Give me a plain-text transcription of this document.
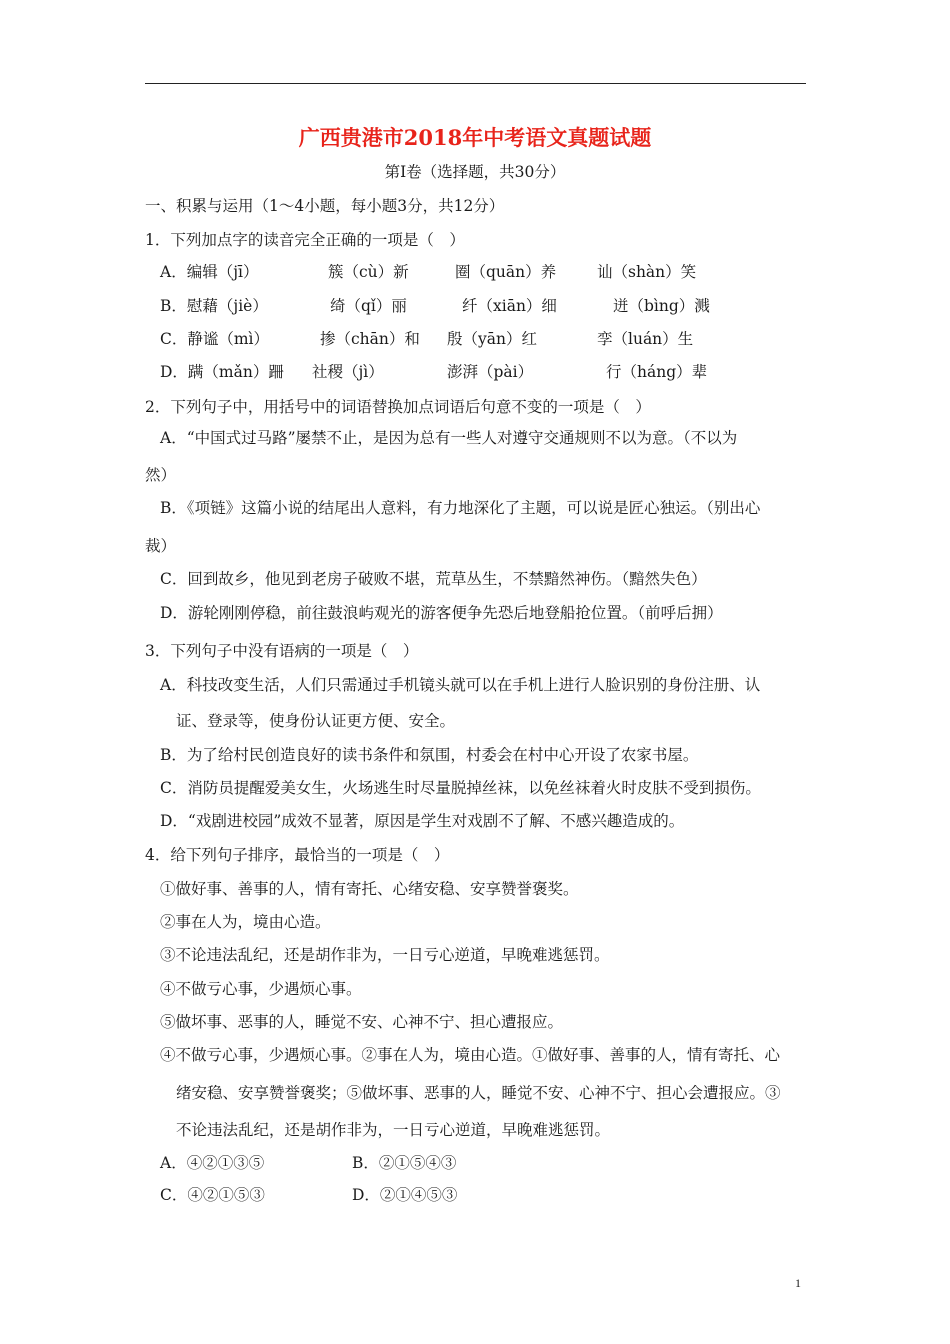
广西贵港市2018年中考语文真题试题
第Ⅰ卷（选择题，共30分）
一、积累与运用（1～4小题，每小题3分，共12分）
1．下列加点字的读音完全正确的一项是（　）
A．编辑（jī）	簇（cù）新	圈（quān）养	讪（shàn）笑
B．慰藉（jiè）	绮（qǐ）丽	纤（xiān）细	迸（bìng）溅
C．静谧（mì）	掺（chān）和 殷（yān）红	孪（luán）生
D．蹒（mǎn）跚 社稷（jì）	澎湃（pài）	行（háng）辈
2．下列句子中，用括号中的词语替换加点词语后句意不变的一项是（　）
A．“中国式过马路”屡禁不止，是因为总有一些人对遵守交通规则不以为意。（不以为
然）
B．《项链》这篇小说的结尾出人意料，有力地深化了主题，可以说是匠心独运。（别出心
裁）
C．回到故乡，他见到老房子破败不堪，荒草丛生，不禁黯然神伤。（黯然失色）
D．游轮刚刚停稳，前往鼓浪屿观光的游客便争先恐后地登船抢位置。（前呼后拥）
3．下列句子中没有语病的一项是（　）
A．科技改变生活，人们只需通过手机镜头就可以在手机上进行人脸识别的身份注册、认
证、登录等，使身份认证更方便、安全。
B．为了给村民创造良好的读书条件和氛围，村委会在村中心开设了农家书屋。
C．消防员提醒爱美女生，火场逃生时尽量脱掉丝袜，以免丝袜着火时皮肤不受到损伤。
D．“戏剧进校园”成效不显著，原因是学生对戏剧不了解、不感兴趣造成的。
4．给下列句子排序，最恰当的一项是（　）
①做好事、善事的人，情有寄托、心绪安稳、安享赞誉褒奖。
②事在人为，境由心造。
③不论违法乱纪，还是胡作非为，一日亏心逆道，早晚难逃惩罚。
④不做亏心事，少遇烦心事。
⑤做坏事、恶事的人，睡觉不安、心神不宁、担心遭报应。
④不做亏心事，少遇烦心事。②事在人为，境由心造。①做好事、善事的人，情有寄托、心
绪安稳、安享赞誉褒奖；⑤做坏事、恶事的人，睡觉不安、心神不宁、担心会遭报应。③
不论违法乱纪，还是胡作非为，一日亏心逆道，早晚难逃惩罚。
A．④②①③⑤	B．②①⑤④③
C．④②①⑤③	D．②①④⑤③
1
